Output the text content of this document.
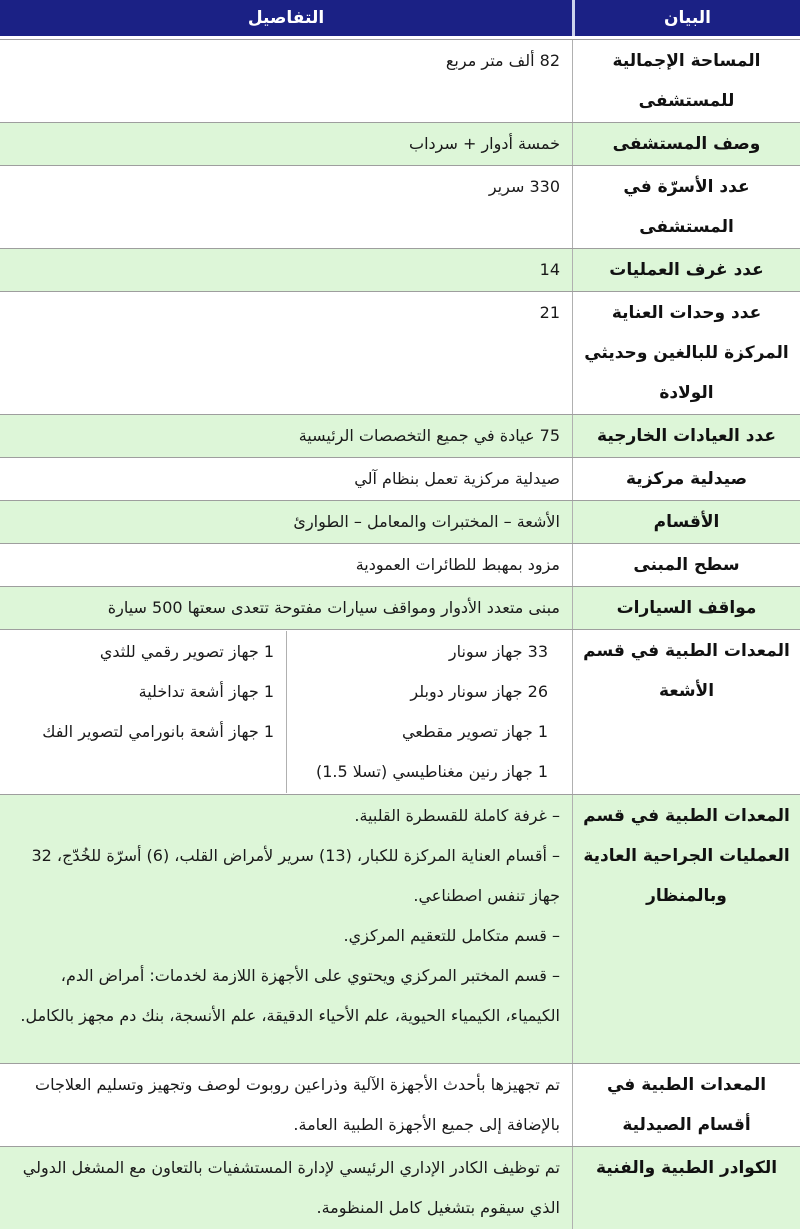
البيان
التفاصيل
المساحة الإجمالية للمستشفى
82 ألف متر مربع
وصف المستشفى
خمسة أدوار + سرداب
عدد الأسرّة في المستشفى
330 سرير
عدد غرف العمليات
14
عدد وحدات العناية المركزة للبالغين وحديثي الولادة
21
عدد العيادات الخارجية
75 عيادة في جميع التخصصات الرئيسية
صيدلية مركزية
صيدلية مركزية تعمل بنظام آلي
الأقسام
الأشعة – المختبرات والمعامل – الطوارئ
سطح المبنى
مزود بمهبط للطائرات العمودية
مواقف السيارات
مبنى متعدد الأدوار ومواقف سيارات مفتوحة تتعدى سعتها 500 سيارة
المعدات الطبية في قسم الأشعة
33 جهاز سونار
26 جهاز سونار دوبلر
1 جهاز تصوير مقطعي
1 جهاز رنين مغناطيسي (تسلا 1.5)
1 جهاز تصوير رقمي للثدي
1 جهاز أشعة تداخلية
1 جهاز أشعة بانورامي لتصوير الفك
المعدات الطبية في قسم العمليات الجراحية العادية وبالمنظار
– غرفة كاملة للقسطرة القلبية.
– أقسام العناية المركزة للكبار، (13) سرير لأمراض القلب، (6) أسرّة للخُدّج، 32 جهاز تنفس اصطناعي.
– قسم متكامل للتعقيم المركزي.
– قسم المختبر المركزي ويحتوي على الأجهزة اللازمة لخدمات: أمراض الدم، الكيمياء، الكيمياء الحيوية، علم الأحياء الدقيقة، علم الأنسجة، بنك دم مجهز بالكامل.
المعدات الطبية في أقسام الصيدلية
تم تجهيزها بأحدث الأجهزة الآلية وذراعين روبوت لوصف وتجهيز وتسليم العلاجات بالإضافة إلى جميع الأجهزة الطبية العامة.
الكوادر الطبية والفنية
تم توظيف الكادر الإداري الرئيسي لإدارة المستشفيات بالتعاون مع المشغل الدولي الذي سيقوم بتشغيل كامل المنظومة.
